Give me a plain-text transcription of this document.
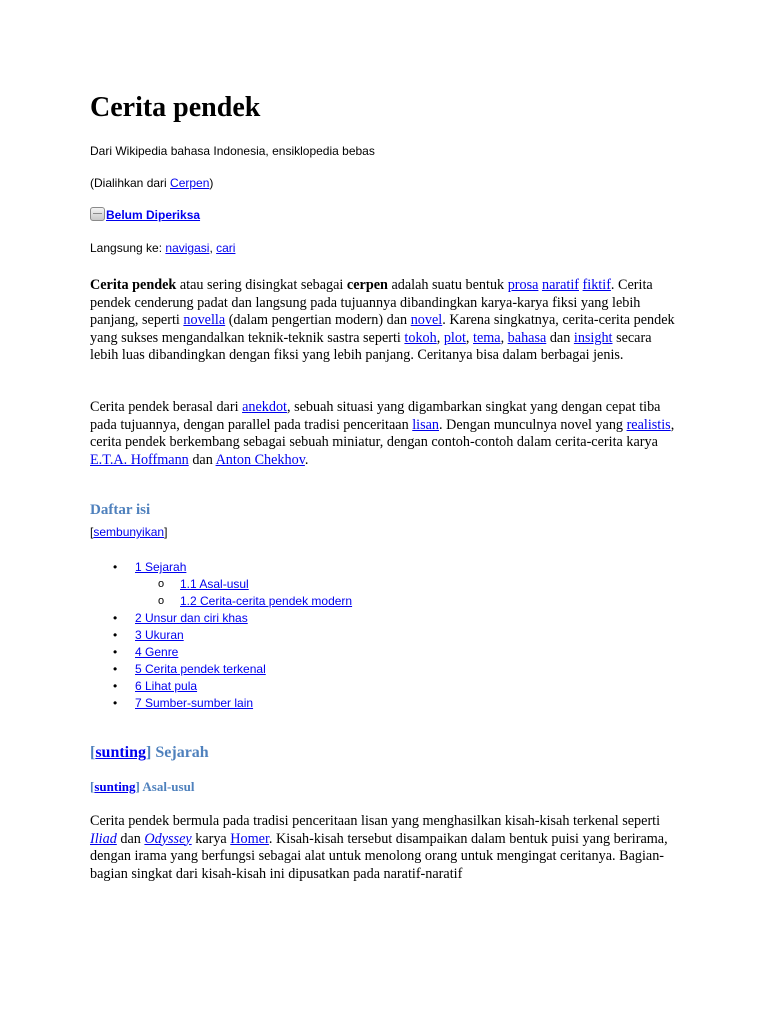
Cerita pendek

Dari Wikipedia bahasa Indonesia, ensiklopedia bebas

(Dialihkan dari Cerpen)

Belum Diperiksa

Langsung ke: navigasi, cari

Cerita pendek atau sering disingkat sebagai cerpen adalah suatu bentuk prosa naratif fiktif. Cerita pendek cenderung padat dan langsung pada tujuannya dibandingkan karya-karya fiksi yang lebih panjang, seperti novella (dalam pengertian modern) dan novel. Karena singkatnya, cerita-cerita pendek yang sukses mengandalkan teknik-teknik sastra seperti tokoh, plot, tema, bahasa dan insight secara lebih luas dibandingkan dengan fiksi yang lebih panjang. Ceritanya bisa dalam berbagai jenis.

Cerita pendek berasal dari anekdot, sebuah situasi yang digambarkan singkat yang dengan cepat tiba pada tujuannya, dengan parallel pada tradisi penceritaan lisan. Dengan munculnya novel yang realistis, cerita pendek berkembang sebagai sebuah miniatur, dengan contoh-contoh dalam cerita-cerita karya E.T.A. Hoffmann dan Anton Chekhov.

Daftar isi

[sembunyikan]

• 1 Sejarah
o 1.1 Asal-usul
o 1.2 Cerita-cerita pendek modern
• 2 Unsur dan ciri khas
• 3 Ukuran
• 4 Genre
• 5 Cerita pendek terkenal
• 6 Lihat pula
• 7 Sumber-sumber lain
[sunting] Sejarah
[sunting] Asal-usul

Cerita pendek bermula pada tradisi penceritaan lisan yang menghasilkan kisah-kisah terkenal seperti Iliad dan Odyssey karya Homer. Kisah-kisah tersebut disampaikan dalam bentuk puisi yang berirama, dengan irama yang berfungsi sebagai alat untuk menolong orang untuk mengingat ceritanya. Bagian-bagian singkat dari kisah-kisah ini dipusatkan pada naratif-naratif
